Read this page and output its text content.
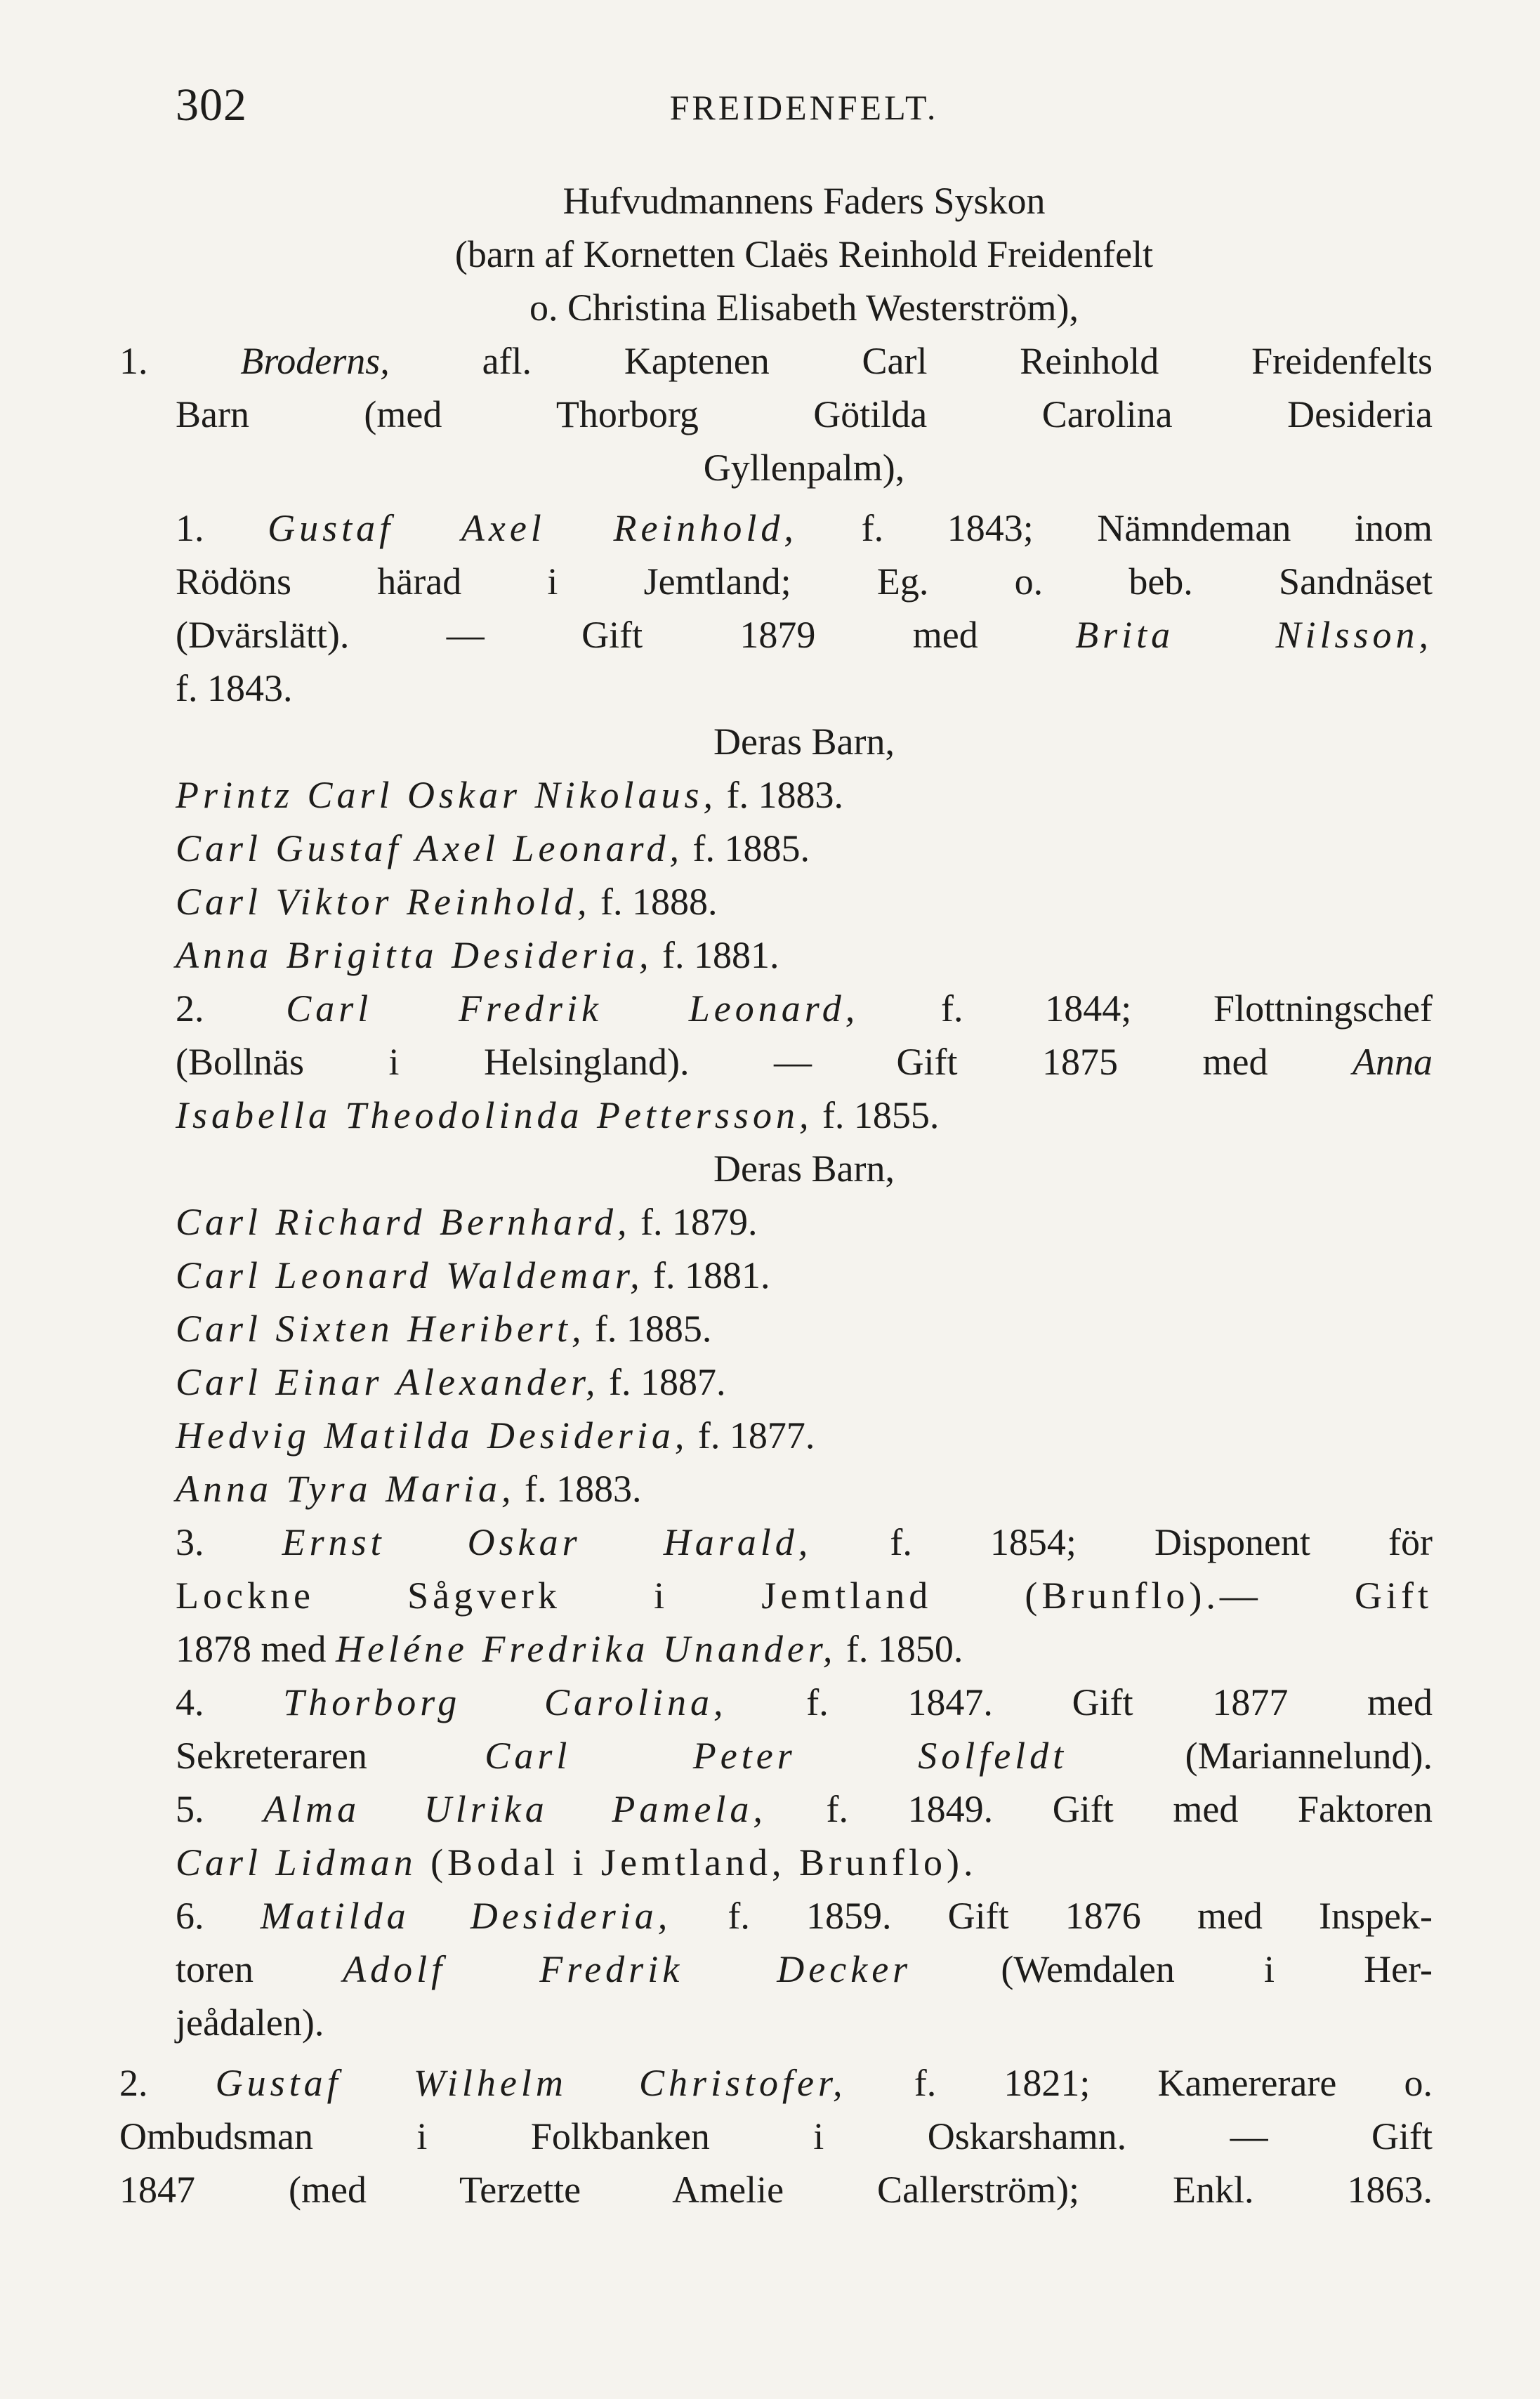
302	FREIDENFELT.
Hufvudmannens Faders Syskon
(barn af Kornetten Claës Reinhold Freidenfelt
o. Christina Elisabeth Westerström),
1. Broderns, afl. Kaptenen Carl Reinhold Freidenfelts
Barn (med Thorborg Götilda Carolina Desideria
Gyllenpalm),
1. Gustaf Axel Reinhold, f. 1843; Nämndeman inom
Rödöns härad i Jemtland; Eg. o. beb. Sandnäset
(Dvärslätt). — Gift 1879 med Brita Nilsson,
f. 1843.
Deras Barn,
Printz Carl Oskar Nikolaus, f. 1883.
Carl Gustaf Axel Leonard, f. 1885.
Carl Viktor Reinhold, f. 1888.
Anna Brigitta Desideria, f. 1881.
2. Carl Fredrik Leonard, f. 1844; Flottningschef
(Bollnäs i Helsingland). — Gift 1875 med Anna
Isabella Theodolinda Pettersson, f. 1855.
Deras Barn,
Carl Richard Bernhard, f. 1879.
Carl Leonard Waldemar, f. 1881.
Carl Sixten Heribert, f. 1885.
Carl Einar Alexander, f. 1887.
Hedvig Matilda Desideria, f. 1877.
Anna Tyra Maria, f. 1883.
3. Ernst Oskar Harald, f. 1854; Disponent för
Lockne Sågverk i Jemtland (Brunflo).— Gift
1878 med Heléne Fredrika Unander, f. 1850.
4. Thorborg Carolina, f. 1847. Gift 1877 med
Sekreteraren Carl Peter Solfeldt (Mariannelund).
5. Alma Ulrika Pamela, f. 1849. Gift med Faktoren
Carl Lidman (Bodal i Jemtland, Brunflo).
6. Matilda Desideria, f. 1859. Gift 1876 med Inspek-
toren Adolf Fredrik Decker (Wemdalen i Her-
jeådalen).
2. Gustaf Wilhelm Christofer, f. 1821; Kamererare o.
Ombudsman i Folkbanken i Oskarshamn. — Gift
1847 (med Terzette Amelie Callerström); Enkl. 1863.
